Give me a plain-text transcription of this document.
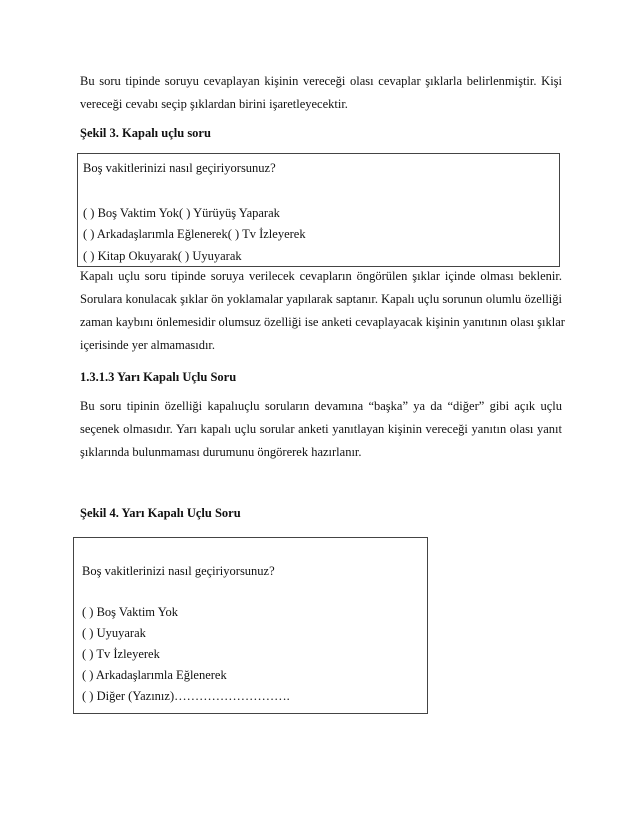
Bu soru tipinde soruyu cevaplayan kişinin vereceği olası cevaplar şıklarla belirlenmiştir. Kişi
vereceği cevabı seçip şıklardan birini işaretleyecektir.
Şekil 3. Kapalı uçlu soru
Boş vakitlerinizi nasıl geçiriyorsunuz?
( ) Boş Vaktim Yok( ) Yürüyüş Yaparak
( ) Arkadaşlarımla Eğlenerek( ) Tv İzleyerek
( ) Kitap Okuyarak( ) Uyuyarak
Kapalı uçlu soru tipinde soruya verilecek cevapların öngörülen şıklar içinde olması beklenir.
Sorulara konulacak şıklar ön yoklamalar yapılarak saptanır. Kapalı uçlu sorunun olumlu özelliği
zaman kaybını önlemesidir olumsuz özelliği ise anketi cevaplayacak kişinin yanıtının olası şıklar
içerisinde yer almamasıdır.
1.3.1.3 Yarı Kapalı Uçlu Soru
Bu soru tipinin özelliği kapalıuçlu soruların devamına “başka” ya da “diğer” gibi açık uçlu
seçenek olmasıdır. Yarı kapalı uçlu sorular anketi yanıtlayan kişinin vereceği yanıtın olası yanıt
şıklarında bulunmaması durumunu öngörerek hazırlanır.
Şekil 4. Yarı Kapalı Uçlu Soru
Boş vakitlerinizi nasıl geçiriyorsunuz?
( ) Boş Vaktim Yok
( ) Uyuyarak
( ) Tv İzleyerek
( ) Arkadaşlarımla Eğlenerek
( ) Diğer (Yazınız)……………………….
